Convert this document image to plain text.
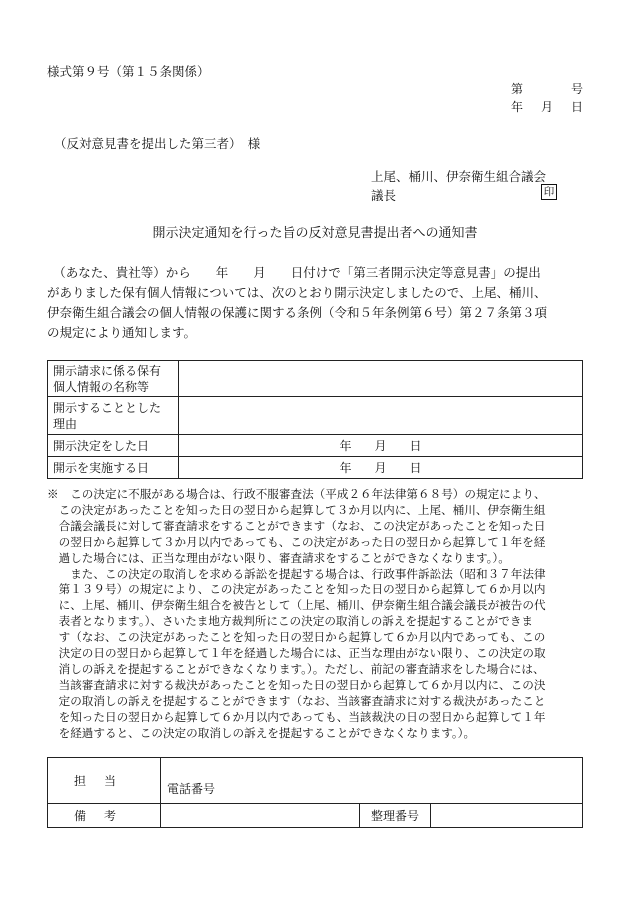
様式第９号（第１５条関係）
第	号
年 月 日
（反対意見書を提出した第三者）　様
上尾、桶川、伊奈衛生組合議会
議長	印
開示決定通知を行った旨の反対意見書提出者への通知書
　（あなた、貴社等）から　　年　　月　　日付けで「第三者開示決定等意見書」の提出
がありました保有個人情報については、次のとおり開示決定しましたので、上尾、桶川、
伊奈衛生組合議会の個人情報の保護に関する条例（令和５年条例第６号）第２７条第３項
の規定により通知します。
開示請求に係る保有
個人情報の名称等	

開示することとした
理由	

開示決定をした日	年 月 日

開示を実施する日	年 月 日
※　この決定に不服がある場合は、行政不服審査法（平成２６年法律第６８号）の規定により、
　この決定があったことを知った日の翌日から起算して３か月以内に、上尾、桶川、伊奈衛生組
　合議会議長に対して審査請求をすることができます（なお、この決定があったことを知った日
　の翌日から起算して３か月以内であっても、この決定があった日の翌日から起算して１年を経
　過した場合には、正当な理由がない限り、審査請求をすることができなくなります。）。
　　また、この決定の取消しを求める訴訟を提起する場合は、行政事件訴訟法（昭和３７年法律
　第１３９号）の規定により、この決定があったことを知った日の翌日から起算して６か月以内
　に、上尾、桶川、伊奈衛生組合を被告として（上尾、桶川、伊奈衛生組合議会議長が被告の代
　表者となります。）、さいたま地方裁判所にこの決定の取消しの訴えを提起することができま
　す（なお、この決定があったことを知った日の翌日から起算して６か月以内であっても、この
　決定の日の翌日から起算して１年を経過した場合には、正当な理由がない限り、この決定の取
　消しの訴えを提起することができなくなります。）。ただし、前記の審査請求をした場合には、
　当該審査請求に対する裁決があったことを知った日の翌日から起算して６か月以内に、この決
　定の取消しの訴えを提起することができます（なお、当該審査請求に対する裁決があったこと
　を知った日の翌日から起算して６か月以内であっても、当該裁決の日の翌日から起算して１年
　を経過すると、この決定の取消しの訴えを提起することができなくなります。）。
担当	電話番号		
備考		整理番号	
